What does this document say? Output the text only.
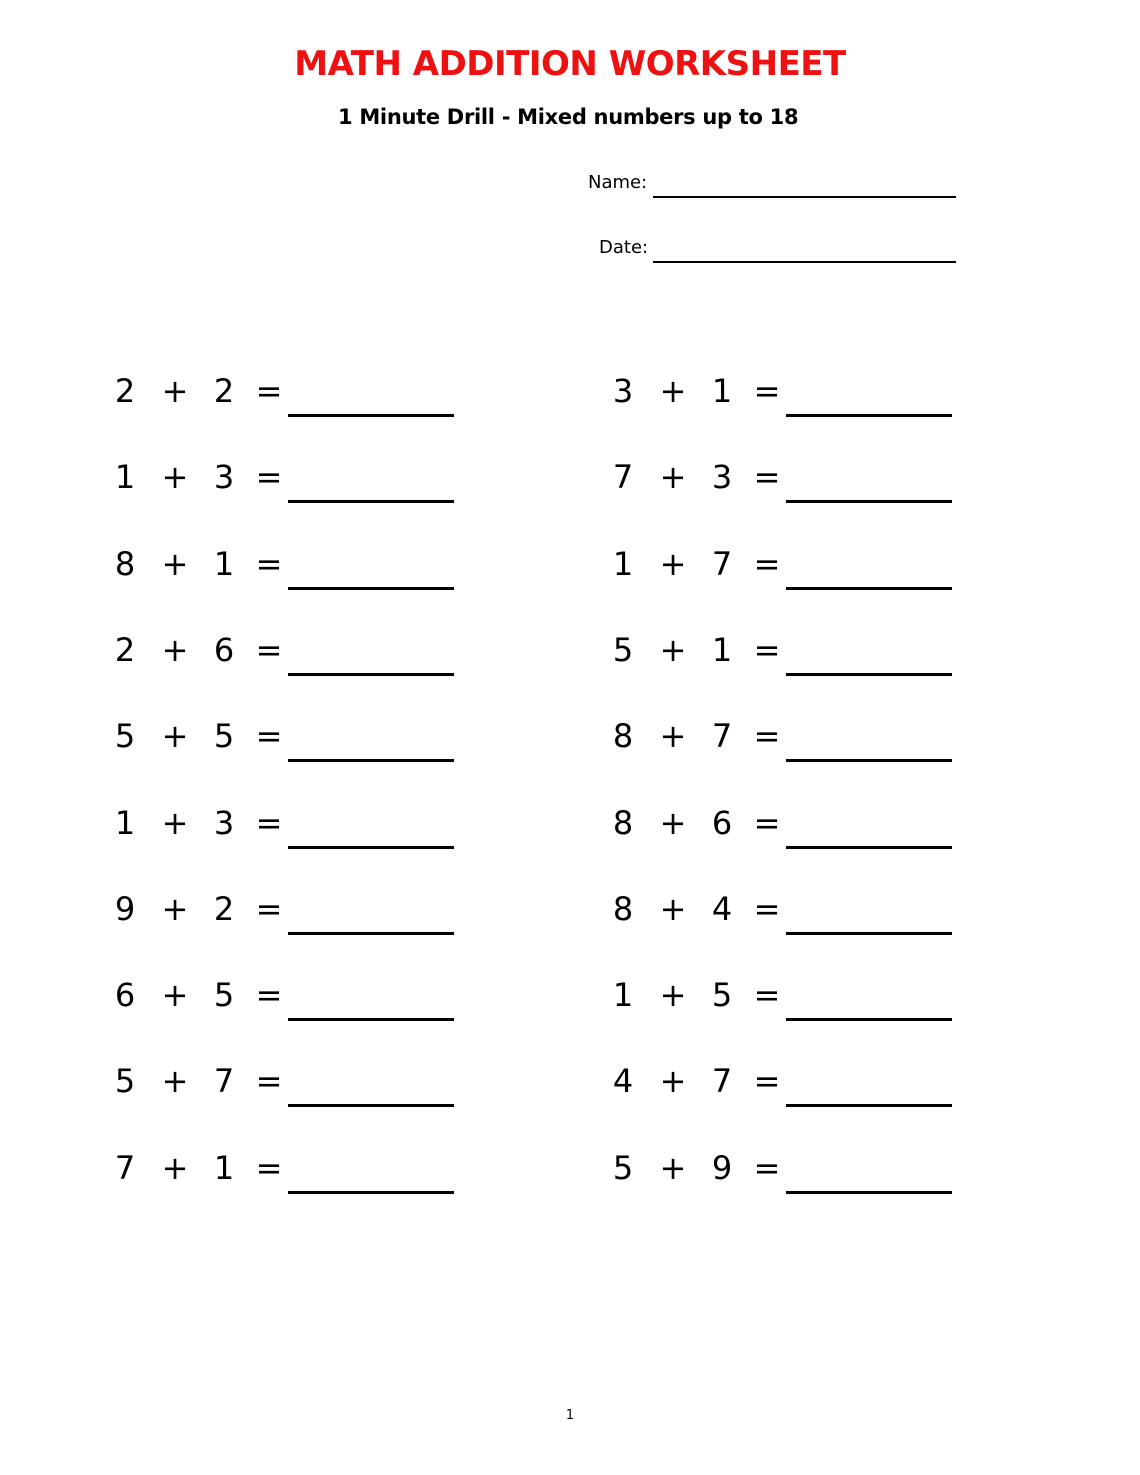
MATH ADDITION WORKSHEET
1 Minute Drill - Mixed numbers up to 18
Name:
Date:
2 + 2 =
1 + 3 =
8 + 1 =
2 + 6 =
5 + 5 =
1 + 3 =
9 + 2 =
6 + 5 =
5 + 7 =
7 + 1 =
3 + 1 =
7 + 3 =
1 + 7 =
5 + 1 =
8 + 7 =
8 + 6 =
8 + 4 =
1 + 5 =
4 + 7 =
5 + 9 =
1
